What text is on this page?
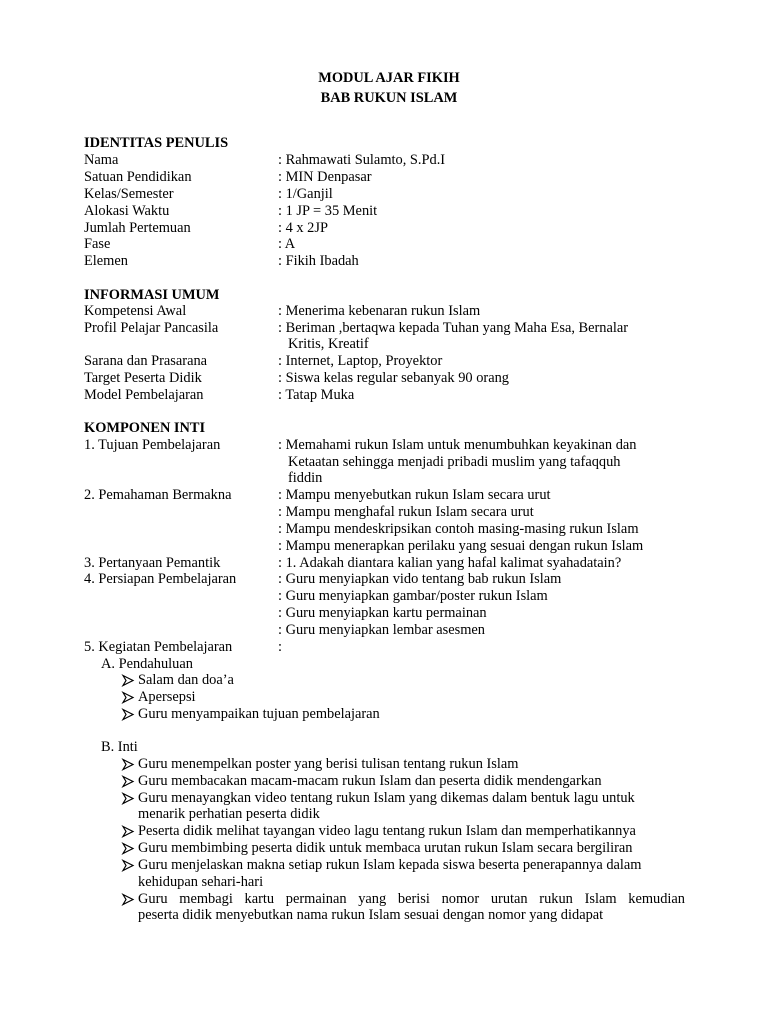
MODUL AJAR FIKIH
BAB RUKUN ISLAM
IDENTITAS PENULIS
Nama	: Rahmawati Sulamto, S.Pd.I
Satuan Pendidikan	: MIN Denpasar
Kelas/Semester	: 1/Ganjil
Alokasi Waktu	: 1 JP = 35 Menit
Jumlah Pertemuan	: 4 x 2JP
Fase	: A
Elemen	: Fikih Ibadah
INFORMASI UMUM
Kompetensi Awal	: Menerima kebenaran rukun Islam
Profil Pelajar Pancasila	: Beriman ,bertaqwa kepada Tuhan yang Maha Esa, Bernalar
Kritis, Kreatif
Sarana dan Prasarana	: Internet, Laptop, Proyektor
Target Peserta Didik	: Siswa kelas regular sebanyak 90 orang
Model Pembelajaran	: Tatap Muka
KOMPONEN INTI
1. Tujuan Pembelajaran	: Memahami rukun Islam untuk menumbuhkan keyakinan dan
Ketaatan sehingga menjadi pribadi muslim yang tafaqquh
fiddin
2. Pemahaman Bermakna	: Mampu menyebutkan rukun Islam secara urut
: Mampu menghafal rukun Islam secara urut
: Mampu mendeskripsikan contoh masing-masing rukun Islam
: Mampu menerapkan perilaku yang sesuai dengan rukun Islam
3. Pertanyaan Pemantik	: 1. Adakah diantara kalian yang hafal kalimat syahadatain?
4. Persiapan Pembelajaran	: Guru menyiapkan vido tentang bab rukun Islam
: Guru menyiapkan gambar/poster rukun Islam
: Guru menyiapkan kartu permainan
: Guru menyiapkan lembar asesmen
5. Kegiatan Pembelajaran	:
A. Pendahuluan
Salam dan doa’a
Apersepsi
Guru menyampaikan tujuan pembelajaran
B. Inti
Guru menempelkan poster yang berisi tulisan tentang rukun Islam
Guru membacakan macam-macam rukun Islam dan peserta didik mendengarkan
Guru menayangkan video tentang rukun Islam yang dikemas dalam bentuk lagu untuk
menarik perhatian peserta didik
Peserta didik melihat tayangan video lagu tentang rukun Islam dan memperhatikannya
Guru membimbing peserta didik untuk membaca urutan rukun Islam secara bergiliran
Guru menjelaskan makna setiap rukun Islam kepada siswa beserta penerapannya dalam
kehidupan sehari-hari
Guru membagi kartu permainan yang berisi nomor urutan rukun Islam kemudian
peserta didik menyebutkan nama rukun Islam sesuai dengan nomor yang didapat
